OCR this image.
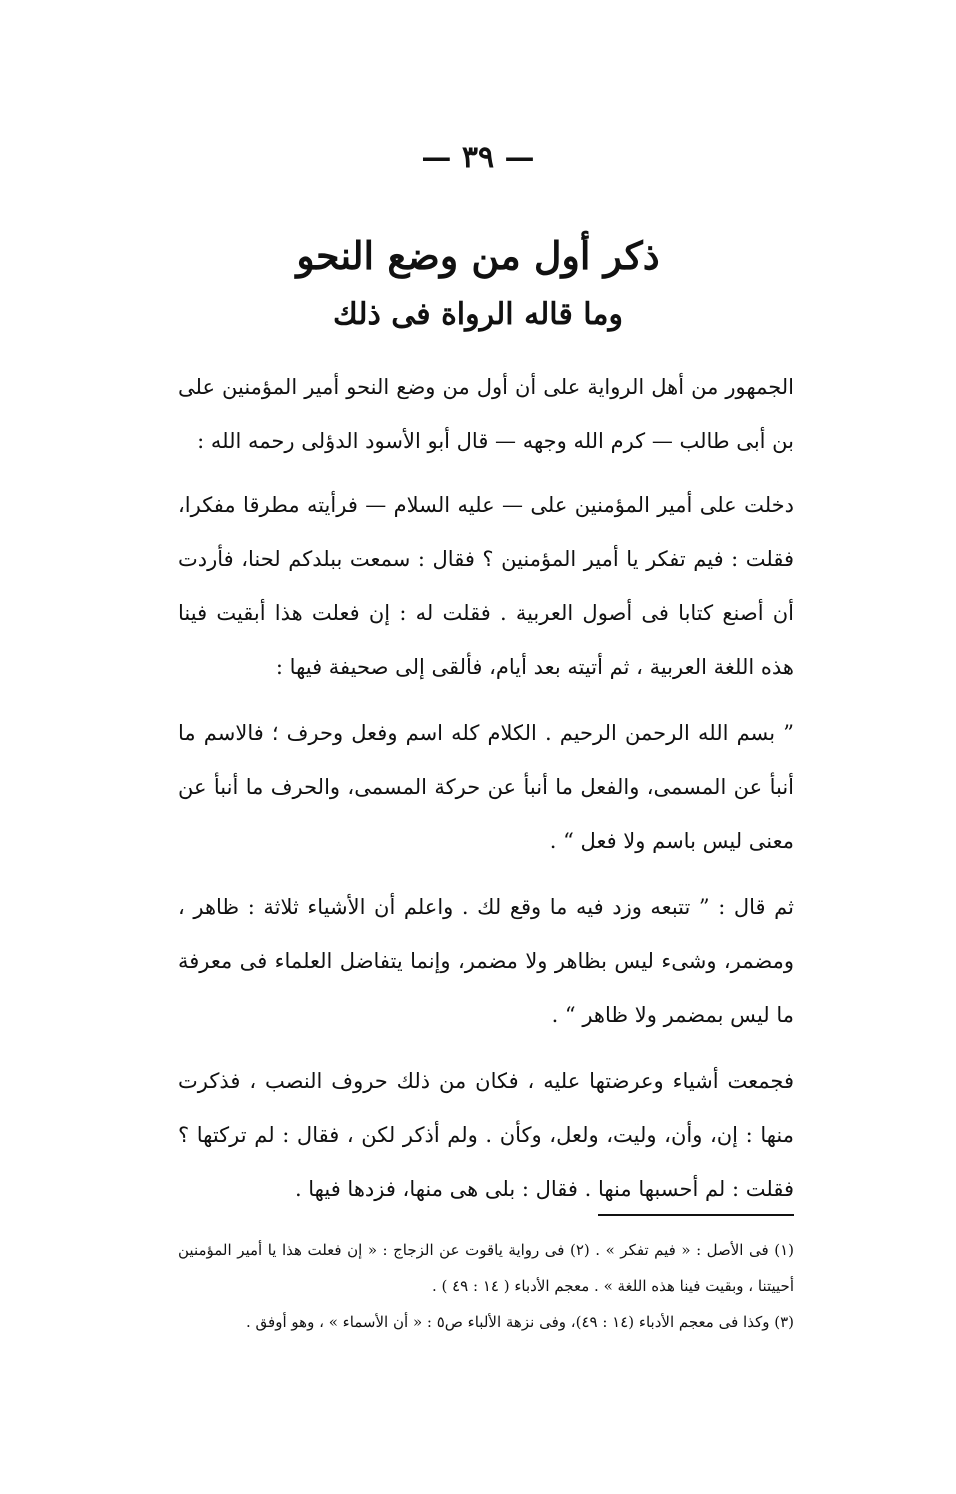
— ٣٩ —
ذكر أول من وضع النحو
وما قاله الرواة فى ذلك

الجمهور من أهل الرواية على أن أول من وضع النحو أمير المؤمنين على بن أبى طالب — كرم الله وجهه — قال أبو الأسود الدؤلى رحمه الله :

دخلت على أمير المؤمنين على — عليه السلام — فرأيته مطرقا مفكرا، فقلت : فيم تفكر يا أمير المؤمنين ؟ فقال : سمعت ببلدكم لحنا، فأردت أن أصنع كتابا فى أصول العربية . فقلت له : إن فعلت هذا أبقيت فينا هذه اللغة العربية ، ثم أتيته بعد أيام، فألقى إلى صحيفة فيها :

” بسم الله الرحمن الرحيم . الكلام كله اسم وفعل وحرف ؛ فالاسم ما أنبأ عن المسمى، والفعل ما أنبأ عن حركة المسمى، والحرف ما أنبأ عن معنى ليس باسم ولا فعل “ .

ثم قال : ” تتبعه وزد فيه ما وقع لك . واعلم أن الأشياء ثلاثة : ظاهر ، ومضمر، وشىء ليس بظاهر ولا مضمر، وإنما يتفاضل العلماء فى معرفة ما ليس بمضمر ولا ظاهر “ .

فجمعت أشياء وعرضتها عليه ، فكان من ذلك حروف النصب ، فذكرت منها : إن، وأن، وليت، ولعل، وكأن . ولم أذكر لكن ، فقال : لم تركتها ؟ فقلت : لم أحسبها منها . فقال : بلى هى منها، فزدها فيها .

(١) فى الأصل : « فيم تفكر » . (٢) فى رواية ياقوت عن الزجاج : « إن فعلت هذا يا أمير المؤمنين أحييتنا ، وبقيت فينا هذه اللغة » . معجم الأدباء ( ١٤ : ٤٩ ) .

(٣) وكذا فى معجم الأدباء (١٤ : ٤٩)، وفى نزهة الألباء ص٥ : « أن الأسماء » ، وهو أوفق .
